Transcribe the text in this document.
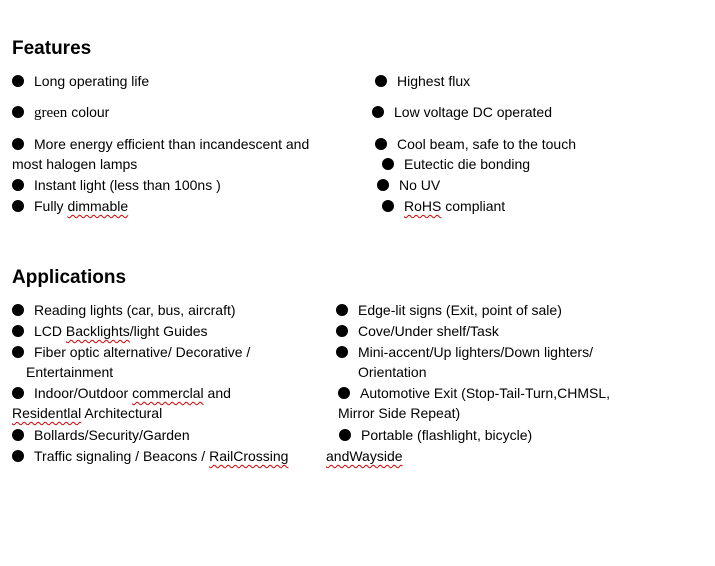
Features
Long operating life
green colour
More energy efficient than incandescent and
most halogen lamps
Instant light (less than 100ns )
Fully dimmable
Highest flux
Low voltage DC operated
Cool beam, safe to the touch
Eutectic die bonding
No UV
RoHS compliant
Applications
Reading lights (car, bus, aircraft)
LCD Backlights/light Guides
Fiber optic alternative/ Decorative /
Entertainment
Indoor/Outdoor commerclal and
Residentlal Architectural
Bollards/Security/Garden
Traffic signaling / Beacons / RailCrossing
Edge-lit signs (Exit, point of sale)
Cove/Under shelf/Task
Mini-accent/Up lighters/Down lighters/
Orientation
Automotive Exit (Stop-Tail-Turn,CHMSL,
Mirror Side Repeat)
Portable (flashlight, bicycle)
andWayside
